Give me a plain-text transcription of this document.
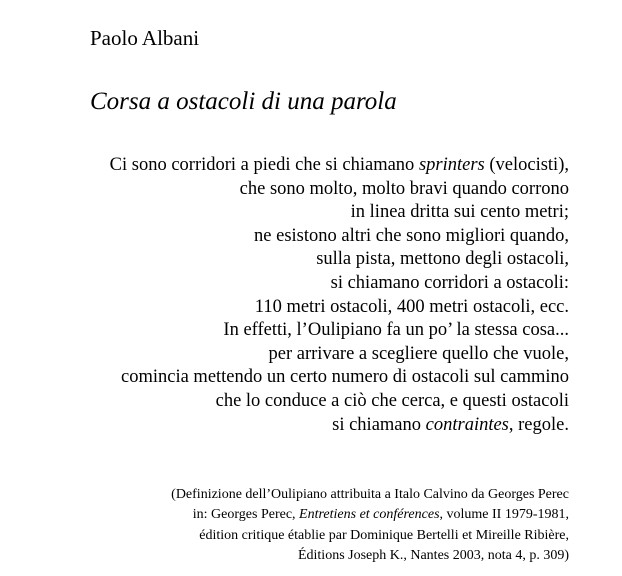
Paolo Albani
Corsa a ostacoli di una parola
Ci sono corridori a piedi che si chiamano sprinters (velocisti),
che sono molto, molto bravi quando corrono
in linea dritta sui cento metri;
ne esistono altri che sono migliori quando,
sulla pista, mettono degli ostacoli,
si chiamano corridori a ostacoli:
110 metri ostacoli, 400 metri ostacoli, ecc.
In effetti, l’Oulipiano fa un po’ la stessa cosa...
per arrivare a scegliere quello che vuole,
comincia mettendo un certo numero di ostacoli sul cammino
che lo conduce a ciò che cerca, e questi ostacoli
si chiamano contraintes, regole.
(Definizione dell’Oulipiano attribuita a Italo Calvino da Georges Perec
in: Georges Perec, Entretiens et conférences, volume II 1979-1981,
édition critique établie par Dominique Bertelli et Mireille Ribière,
Éditions Joseph K., Nantes 2003, nota 4, p. 309)
